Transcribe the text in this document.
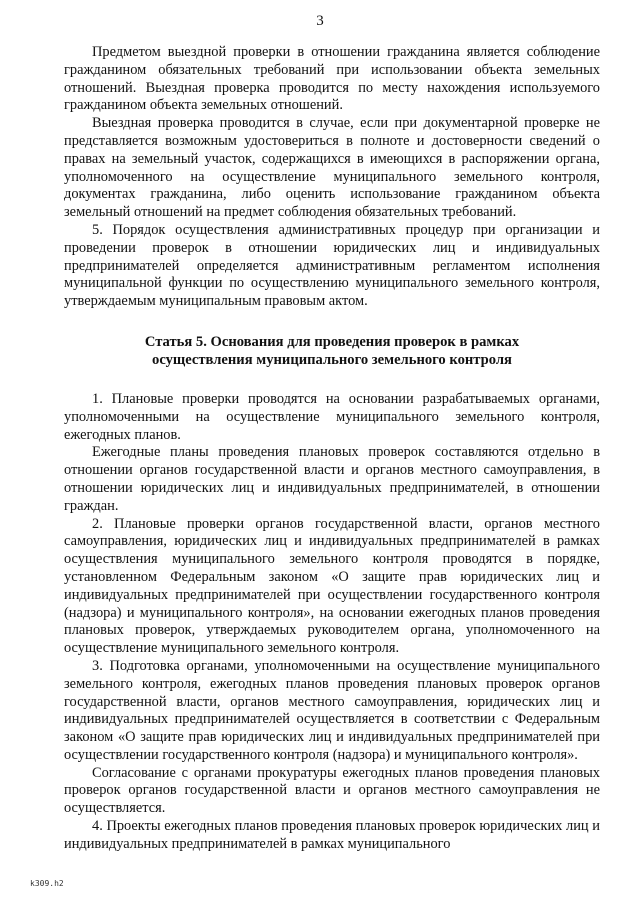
3

Предметом выездной проверки в отношении гражданина является соблюдение гражданином обязательных требований при использовании объекта земельных отношений. Выездная проверка проводится по месту нахождения используемого гражданином объекта земельных отношений.

Выездная проверка проводится в случае, если при документарной проверке не представляется возможным удостовериться в полноте и достоверности сведений о правах на земельный участок, содержащихся в имеющихся в распоряжении органа, уполномоченного на осуществление муниципального земельного контроля, документах гражданина, либо оценить использование гражданином объекта земельный отношений на предмет соблюдения обязательных требований.

5. Порядок осуществления административных процедур при организации и проведении проверок в отношении юридических лиц и индивидуальных предпринимателей определяется административным регламентом исполнения муниципальной функции по осуществлению муниципального земельного контроля, утверждаемым муниципальным правовым актом.

Статья 5. Основания для проведения проверок в рамках
осуществления муниципального земельного контроля

1. Плановые проверки проводятся на основании разрабатываемых органами, уполномоченными на осуществление муниципального земельного контроля, ежегодных планов.

Ежегодные планы проведения плановых проверок составляются отдельно в отношении органов государственной власти и органов местного самоуправления, в отношении юридических лиц и индивидуальных предпринимателей, в отношении граждан.

2. Плановые проверки органов государственной власти, органов местного самоуправления, юридических лиц и индивидуальных предпринимателей в рамках осуществления муниципального земельного контроля проводятся в порядке, установленном Федеральным законом «О защите прав юридических лиц и индивидуальных предпринимателей при осуществлении государственного контроля (надзора) и муниципального контроля», на основании ежегодных планов проведения плановых проверок, утверждаемых руководителем органа, уполномоченного на осуществление муниципального земельного контроля.

3. Подготовка органами, уполномоченными на осуществление муниципального земельного контроля, ежегодных планов проведения плановых проверок органов государственной власти, органов местного самоуправления, юридических лиц и индивидуальных предпринимателей осуществляется в соответствии с Федеральным законом «О защите прав юридических лиц и индивидуальных предпринимателей при осуществлении государственного контроля (надзора) и муниципального контроля».

Согласование с органами прокуратуры ежегодных планов проведения плановых проверок органов государственной власти и органов местного самоуправления не осуществляется.

4. Проекты ежегодных планов проведения плановых проверок юридических лиц и индивидуальных предпринимателей в рамках муниципального

k309.h2
